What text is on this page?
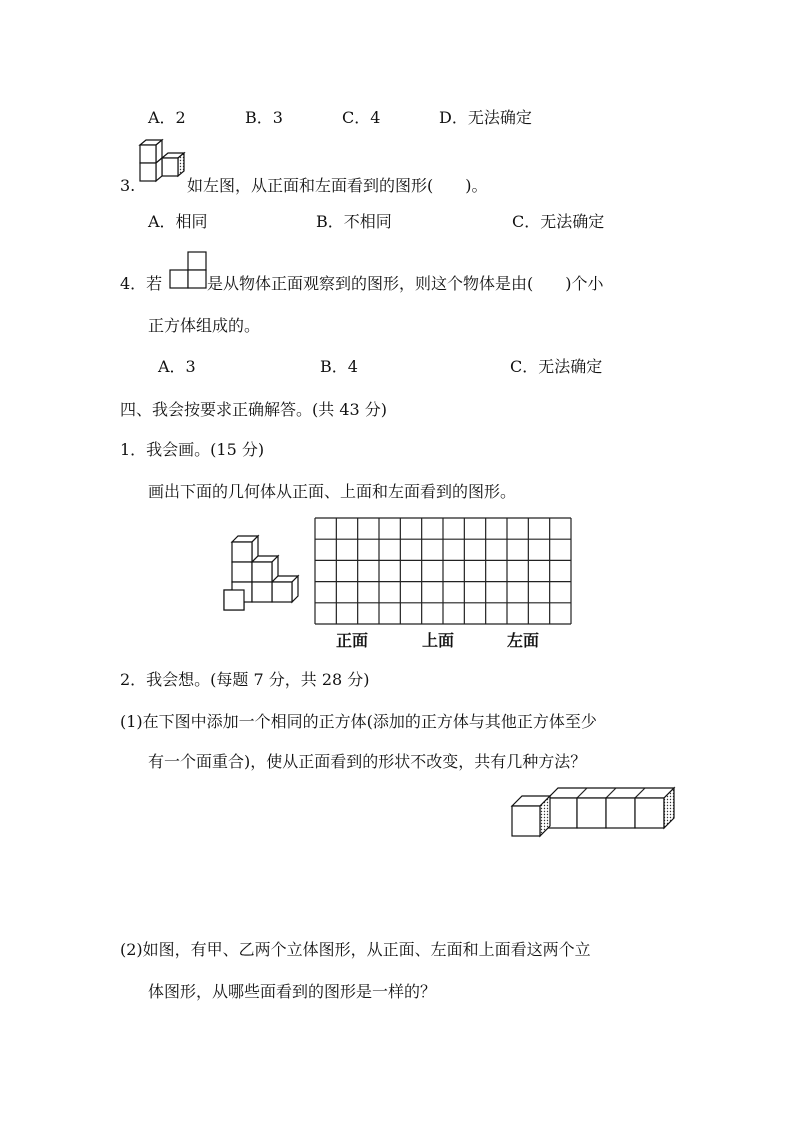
A．2	B．3	C．4	D．无法确定
3.	如左图，从正面和左面看到的图形(　　)。
A．相同	B．不相同	C．无法确定
4．若	是从物体正面观察到的图形，则这个物体是由(　　)个小
正方体组成的。
A．3	B．4	C．无法确定
四、我会按要求正确解答。(共 43 分)
1．我会画。(15 分)
画出下面的几何体从正面、上面和左面看到的图形。
正面	上面	左面
2．我会想。(每题 7 分，共 28 分)
(1)在下图中添加一个相同的正方体(添加的正方体与其他正方体至少
有一个面重合)，使从正面看到的形状不改变，共有几种方法？
(2)如图，有甲、乙两个立体图形，从正面、左面和上面看这两个立
体图形，从哪些面看到的图形是一样的？
